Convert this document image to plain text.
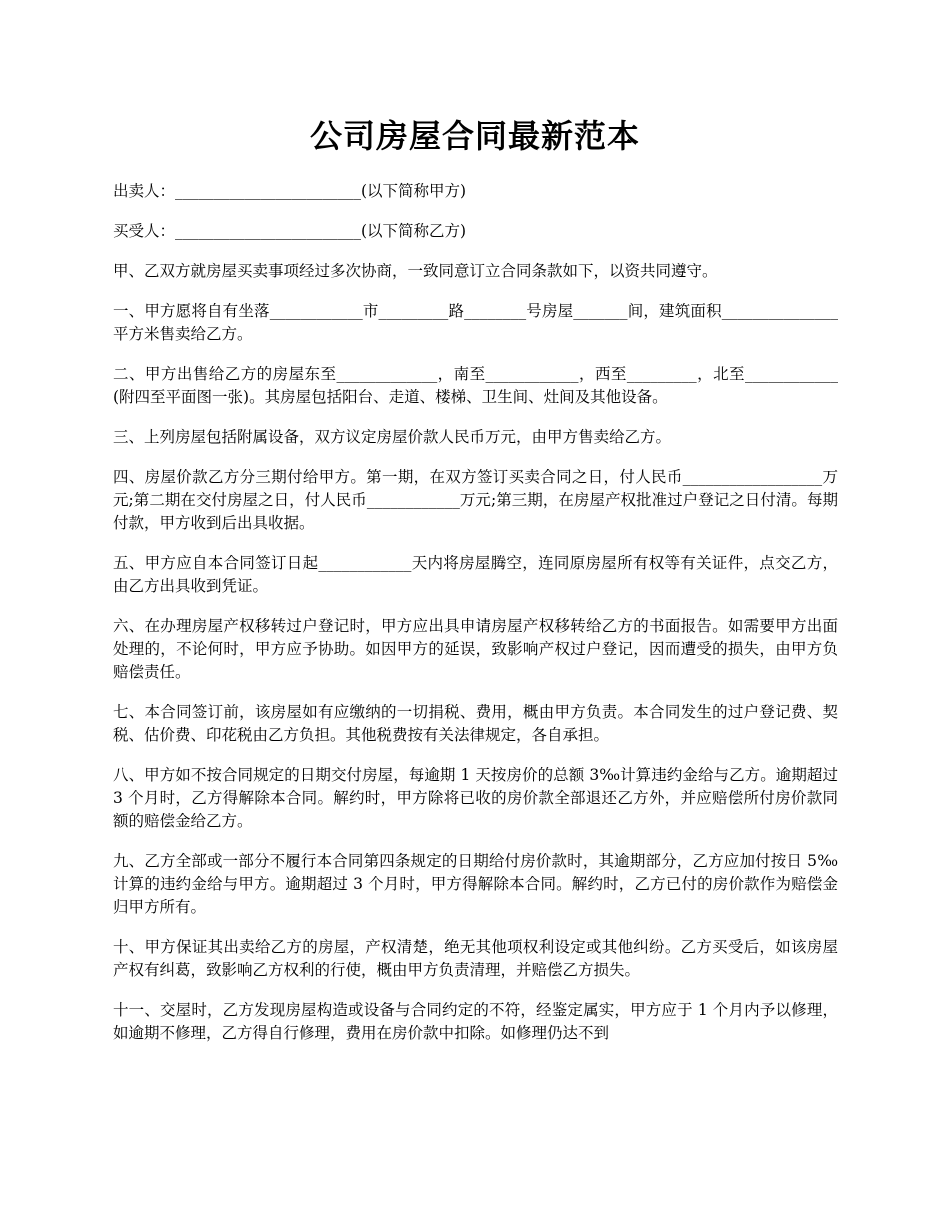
公司房屋合同最新范本

出卖人：________________________(以下简称甲方)

买受人：________________________(以下简称乙方)

甲、乙双方就房屋买卖事项经过多次协商，一致同意订立合同条款如下，以资共同遵守。

一、甲方愿将自有坐落____________市_________路________号房屋_______间，建筑面积_______________平方米售卖给乙方。

二、甲方出售给乙方的房屋东至_____________，南至____________，西至_________，北至____________(附四至平面图一张)。其房屋包括阳台、走道、楼梯、卫生间、灶间及其他设备。

三、上列房屋包括附属设备，双方议定房屋价款人民币万元，由甲方售卖给乙方。

四、房屋价款乙方分三期付给甲方。第一期，在双方签订买卖合同之日，付人民币__________________万元;第二期在交付房屋之日，付人民币____________万元;第三期，在房屋产权批准过户登记之日付清。每期付款，甲方收到后出具收据。

五、甲方应自本合同签订日起____________天内将房屋腾空，连同原房屋所有权等有关证件，点交乙方，由乙方出具收到凭证。

六、在办理房屋产权移转过户登记时，甲方应出具申请房屋产权移转给乙方的书面报告。如需要甲方出面处理的，不论何时，甲方应予协助。如因甲方的延误，致影响产权过户登记，因而遭受的损失，由甲方负赔偿责任。

七、本合同签订前，该房屋如有应缴纳的一切捐税、费用，概由甲方负责。本合同发生的过户登记费、契税、估价费、印花税由乙方负担。其他税费按有关法律规定，各自承担。

八、甲方如不按合同规定的日期交付房屋，每逾期 1 天按房价的总额 3‰计算违约金给与乙方。逾期超过 3 个月时，乙方得解除本合同。解约时，甲方除将已收的房价款全部退还乙方外，并应赔偿所付房价款同额的赔偿金给乙方。

九、乙方全部或一部分不履行本合同第四条规定的日期给付房价款时，其逾期部分，乙方应加付按日 5‰计算的违约金给与甲方。逾期超过 3 个月时，甲方得解除本合同。解约时，乙方已付的房价款作为赔偿金归甲方所有。

十、甲方保证其出卖给乙方的房屋，产权清楚，绝无其他项权利设定或其他纠纷。乙方买受后，如该房屋产权有纠葛，致影响乙方权利的行使，概由甲方负责清理，并赔偿乙方损失。

十一、交屋时，乙方发现房屋构造或设备与合同约定的不符，经鉴定属实，甲方应于 1 个月内予以修理，如逾期不修理，乙方得自行修理，费用在房价款中扣除。如修理仍达不到
